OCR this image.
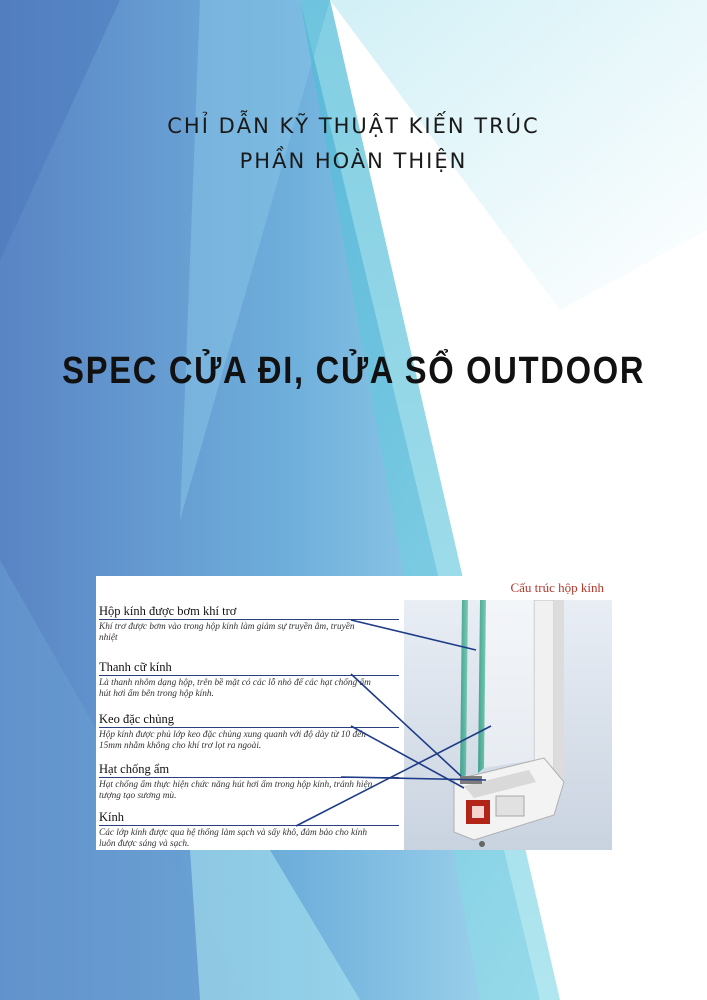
CHỈ DẪN KỸ THUẬT KIẾN TRÚC
PHẦN HOÀN THIỆN
SPEC CỬA ĐI, CỬA SỔ OUTDOOR
Cấu trúc hộp kính
Hộp kính được bơm khí trơ
Khí trơ được bơm vào trong hộp kính làm giảm sự truyền âm, truyền nhiệt
Thanh cữ kính
Là thanh nhôm dạng hộp, trên bề mặt có các lỗ nhỏ để các hạt chống ẩm hút hơi ẩm bên trong hộp kính.
Keo đặc chủng
Hộp kính được phủ lớp keo đặc chủng xung quanh với độ dày từ 10 đến 15mm nhằm không cho khí trơ lọt ra ngoài.
Hạt chống ẩm
Hạt chống ẩm thực hiện chức năng hút hơi ẩm trong hộp kính, tránh hiện tượng tạo sương mù.
Kính
Các lớp kính được qua hệ thống làm sạch và sấy khô, đảm bảo cho kính luôn được sáng và sạch.
